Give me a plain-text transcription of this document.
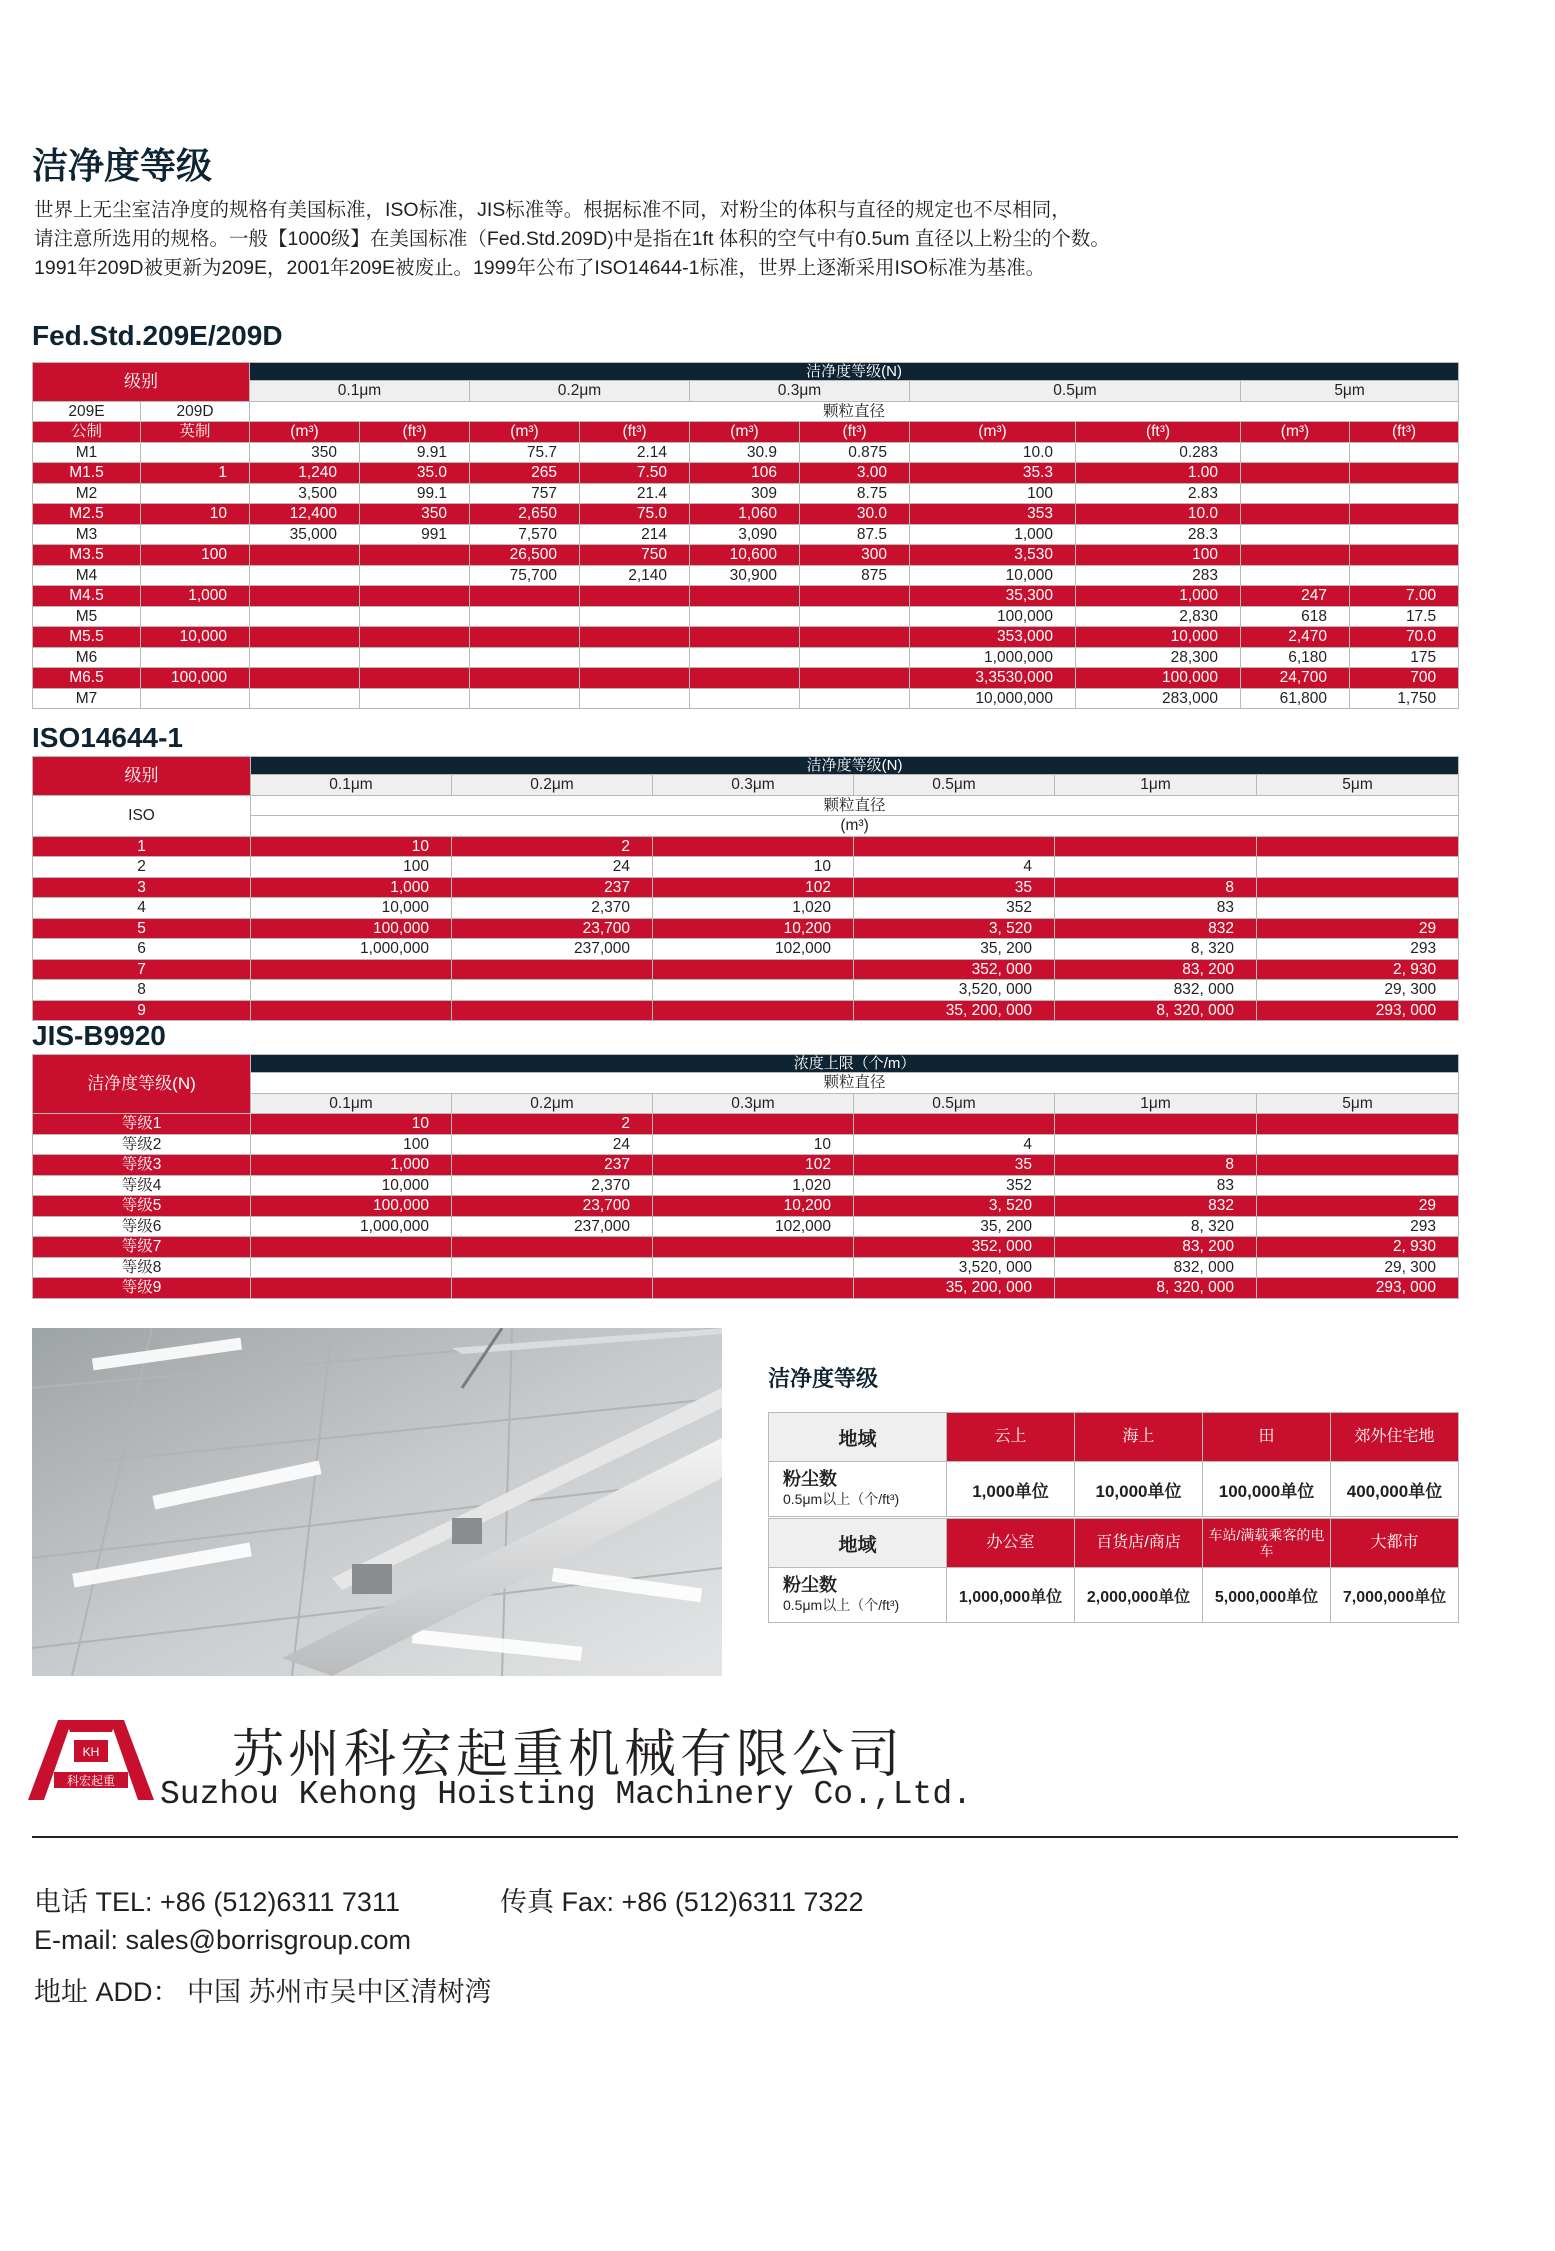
洁净度等级
世界上无尘室洁净度的规格有美国标准，ISO标准，JIS标准等。根据标准不同，对粉尘的体积与直径的规定也不尽相同，
请注意所选用的规格。一般【1000级】在美国标准（Fed.Std.209D)中是指在1ft 体积的空气中有0.5um 直径以上粉尘的个数。
1991年209D被更新为209E，2001年209E被废止。1999年公布了ISO14644-1标准，世界上逐渐采用ISO标准为基准。
Fed.Std.209E/209D
级别		洁净度等级(N)									
		0.1μm		0.2μm		0.3μm		0.5μm		5μm	
209E	209D	颗粒直径									
公制	英制	(m³)	(ft³)	(m³)	(ft³)	(m³)	(ft³)	(m³)	(ft³)	(m³)	(ft³)
M1		350	9.91	75.7	2.14	30.9	0.875	10.0	0.283		
M1.5	1	1,240	35.0	265	7.50	106	3.00	35.3	1.00		
M2		3,500	99.1	757	21.4	309	8.75	100	2.83		
M2.5	10	12,400	350	2,650	75.0	1,060	30.0	353	10.0		
M3		35,000	991	7,570	214	3,090	87.5	1,000	28.3		
M3.5	100			26,500	750	10,600	300	3,530	100		
M4				75,700	2,140	30,900	875	10,000	283		
M4.5	1,000							35,300	1,000	247	7.00
M5								100,000	2,830	618	17.5
M5.5	10,000							353,000	10,000	2,470	70.0
M6								1,000,000	28,300	6,180	175
M6.5	100,000							3,3530,000	100,000	24,700	700
M7								10,000,000	283,000	61,800	1,750
ISO14644-1
级别	洁净度等级(N)					
	0.1μm	0.2μm	0.3μm	0.5μm	1μm	5μm
ISO	颗粒直径					
	(m³)					
1	10	2				
2	100	24	10	4		
3	1,000	237	102	35	8	
4	10,000	2,370	1,020	352	83	
5	100,000	23,700	10,200	3, 520	832	29
6	1,000,000	237,000	102,000	35, 200	8, 320	293
7				352, 000	83, 200	2, 930
8				3,520, 000	832, 000	29, 300
9				35, 200, 000	8, 320, 000	293, 000
JIS-B9920
洁净度等级(N)	浓度上限（个/m）					
	颗粒直径					
	0.1μm	0.2μm	0.3μm	0.5μm	1μm	5μm
等级1	10	2				
等级2	100	24	10	4		
等级3	1,000	237	102	35	8	
等级4	10,000	2,370	1,020	352	83	
等级5	100,000	23,700	10,200	3, 520	832	29
等级6	1,000,000	237,000	102,000	35, 200	8, 320	293
等级7				352, 000	83, 200	2, 930
等级8				3,520, 000	832, 000	29, 300
等级9				35, 200, 000	8, 320, 000	293, 000
洁净度等级
地域	云上	海上	田	郊外住宅地

粉尘数
0.5μm以上（个/ft³)	1,000单位	10,000单位	100,000单位	400,000单位
地域	办公室	百货店/商店	车站/满载乘客的电车	大都市

粉尘数
0.5μm以上（个/ft³)	1,000,000单位	2,000,000单位	5,000,000单位	7,000,000单位
KH
科宏起重 苏州科宏起重机械有限公司
Suzhou Kehong Hoisting Machinery Co.,Ltd.
电话 TEL: +86 (512)6311 7311	传真 Fax: +86 (512)6311 7322
E-mail: sales@borrisgroup.com
地址 ADD： 中国 苏州市吴中区清树湾
